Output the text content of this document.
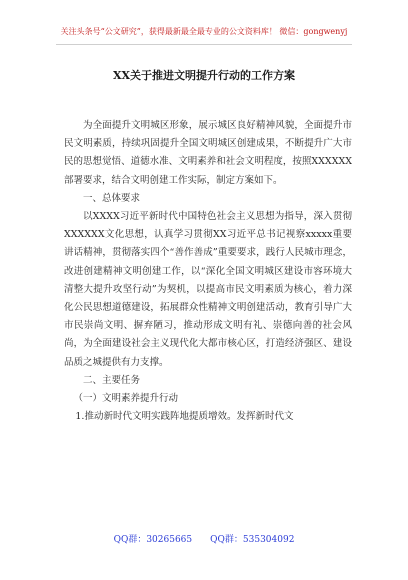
关注头条号“公文研究”，获得最新最全最专业的公文资料库！ 微信：gongwenyj
XX关于推进文明提升行动的工作方案

为全面提升文明城区形象，展示城区良好精神风貌，全面提升市民文明素质，持续巩固提升全国文明城区创建成果，不断提升广大市民的思想觉悟、道德水准、文明素养和社会文明程度，按照XXXXXX部署要求，结合文明创建工作实际，制定方案如下。

一、总体要求

以XXXX习近平新时代中国特色社会主义思想为指导，深入贯彻XXXXXX文化思想，认真学习贯彻XX习近平总书记视察xxxxx重要讲话精神，贯彻落实四个“善作善成”重要要求，践行人民城市理念，改进创建精神文明创建工作，以“深化全国文明城区建设市容环境大清整大提升攻坚行动”为契机，以提高市民文明素质为核心，着力深化公民思想道德建设，拓展群众性精神文明创建活动，教育引导广大市民崇尚文明、摒弃陋习，推动形成文明有礼、崇德向善的社会风尚，为全面建设社会主义现代化大都市核心区，打造经济强区、建设品质之城提供有力支撑。

二、主要任务

（一）文明素养提升行动

1.推动新时代文明实践阵地提质增效。发挥新时代文

QQ群：30265665 QQ群：535304092
